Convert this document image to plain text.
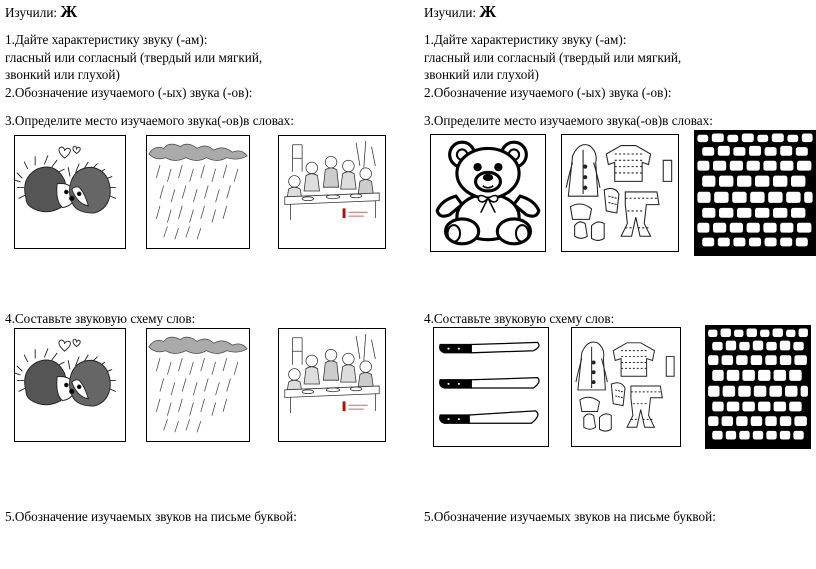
Изучили: Ж
1.Дайте характеристику звуку (-ам):
гласный или согласный (твердый или мягкий,
звонкий или глухой)
2.Обозначение изучаемого (-ых) звука (-ов):
3.Определите место изучаемого звука(-ов)в словах:
4.Составьте звуковую схему слов:
5.Обозначение изучаемых звуков на письме буквой:
Изучили: Ж
1.Дайте характеристику звуку (-ам):
гласный или согласный (твердый или мягкий,
звонкий или глухой)
2.Обозначение изучаемого (-ых) звука (-ов):
3.Определите место изучаемого звука(-ов)в словах:
4.Составьте звуковую схему слов:
5.Обозначение изучаемых звуков на письме буквой:
